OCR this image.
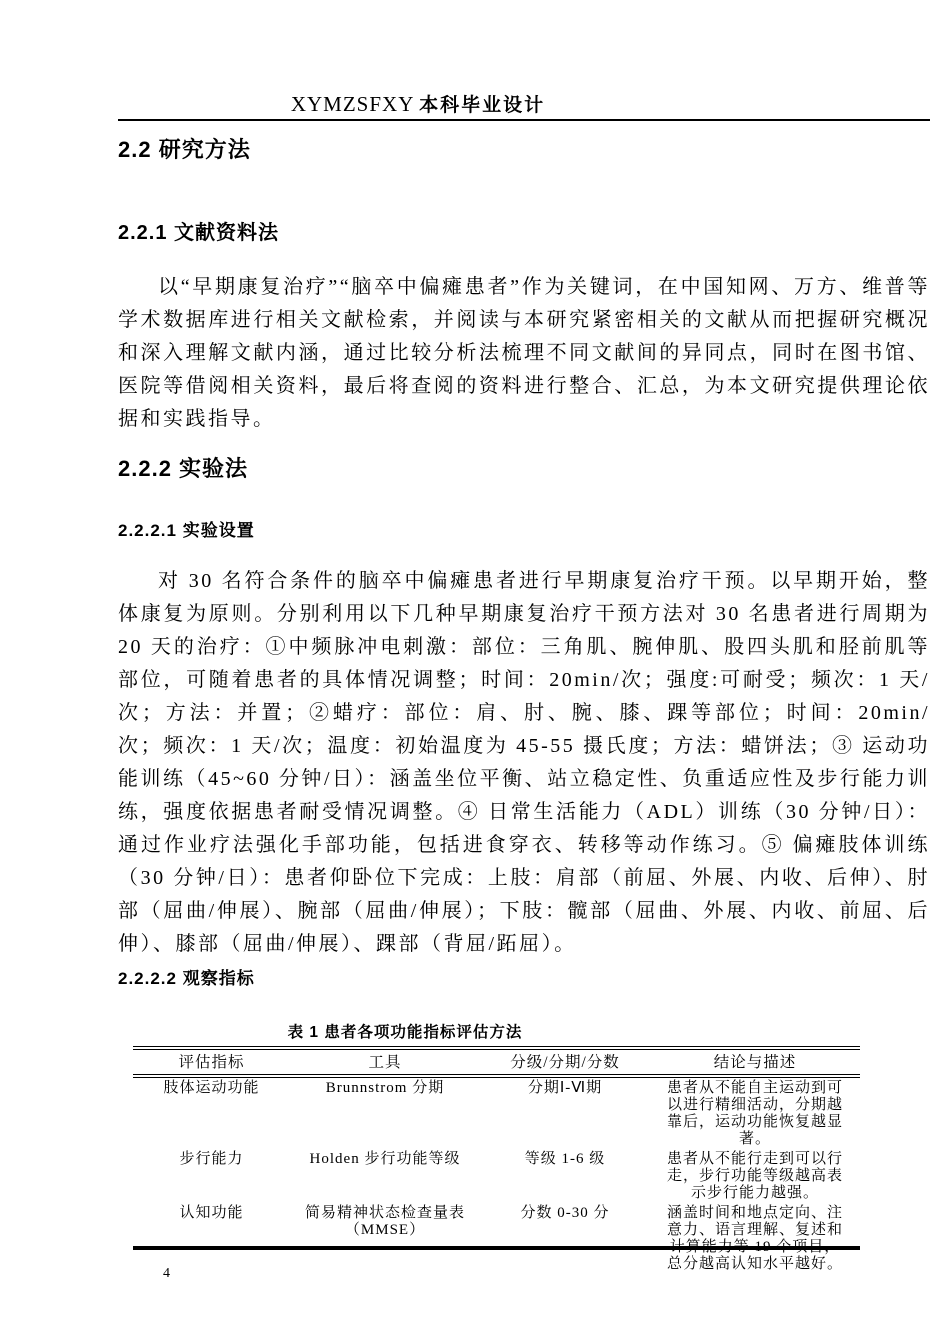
XYMZSFXY 本科毕业设计
2.2 研究方法
2.2.1 文献资料法

以“早期康复治疗”“脑卒中偏瘫患者”作为关键词，在中国知网、万方、维普等学术数据库进行相关文献检索，并阅读与本研究紧密相关的文献从而把握研究概况和深入理解文献内涵，通过比较分析法梳理不同文献间的异同点，同时在图书馆、医院等借阅相关资料，最后将查阅的资料进行整合、汇总，为本文研究提供理论依据和实践指导。

2.2.2 实验法
2.2.2.1 实验设置

对 30 名符合条件的脑卒中偏瘫患者进行早期康复治疗干预。以早期开始，整体康复为原则。分别利用以下几种早期康复治疗干预方法对 30 名患者进行周期为 20 天的治疗：①中频脉冲电刺激：部位：三角肌、腕伸肌、股四头肌和胫前肌等部位，可随着患者的具体情况调整；时间：20min/次；强度:可耐受；频次：1 天/次；方法：并置；②蜡疗：部位：肩、肘、腕、膝、踝等部位；时间：20min/次；频次：1 天/次；温度：初始温度为 45-55 摄氏度；方法：蜡饼法；③ 运动功能训练（45~60 分钟/日）：涵盖坐位平衡、站立稳定性、负重适应性及步行能力训练，强度依据患者耐受情况调整。④ 日常生活能力（ADL）训练（30 分钟/日）：通过作业疗法强化手部功能，包括进食穿衣、转移等动作练习。⑤ 偏瘫肢体训练（30 分钟/日）：患者仰卧位下完成：上肢：肩部（前屈、外展、内收、后伸）、肘部（屈曲/伸展）、腕部（屈曲/伸展）；下肢：髋部（屈曲、外展、内收、前屈、后伸）、膝部（屈曲/伸展）、踝部（背屈/跖屈）。

2.2.2.2 观察指标
表 1 患者各项功能指标评估方法
评估指标	工具	分级/分期/分数	结论与描述
肢体运动功能	Brunnstrom 分期	分期Ⅰ-Ⅵ期	患者从不能自主运动到可以进行精细活动，分期越靠后，运动功能恢复越显著。

步行能力	Holden 步行功能等级	等级 1-6 级	患者从不能行走到可以行走，步行功能等级越高表示步行能力越强。

认知功能	简易精神状态检查量表（MMSE）	分数 0-30 分	涵盖时间和地点定向、注意力、语言理解、复述和计算能力等 19 个项目，总分越高认知水平越好。
4
